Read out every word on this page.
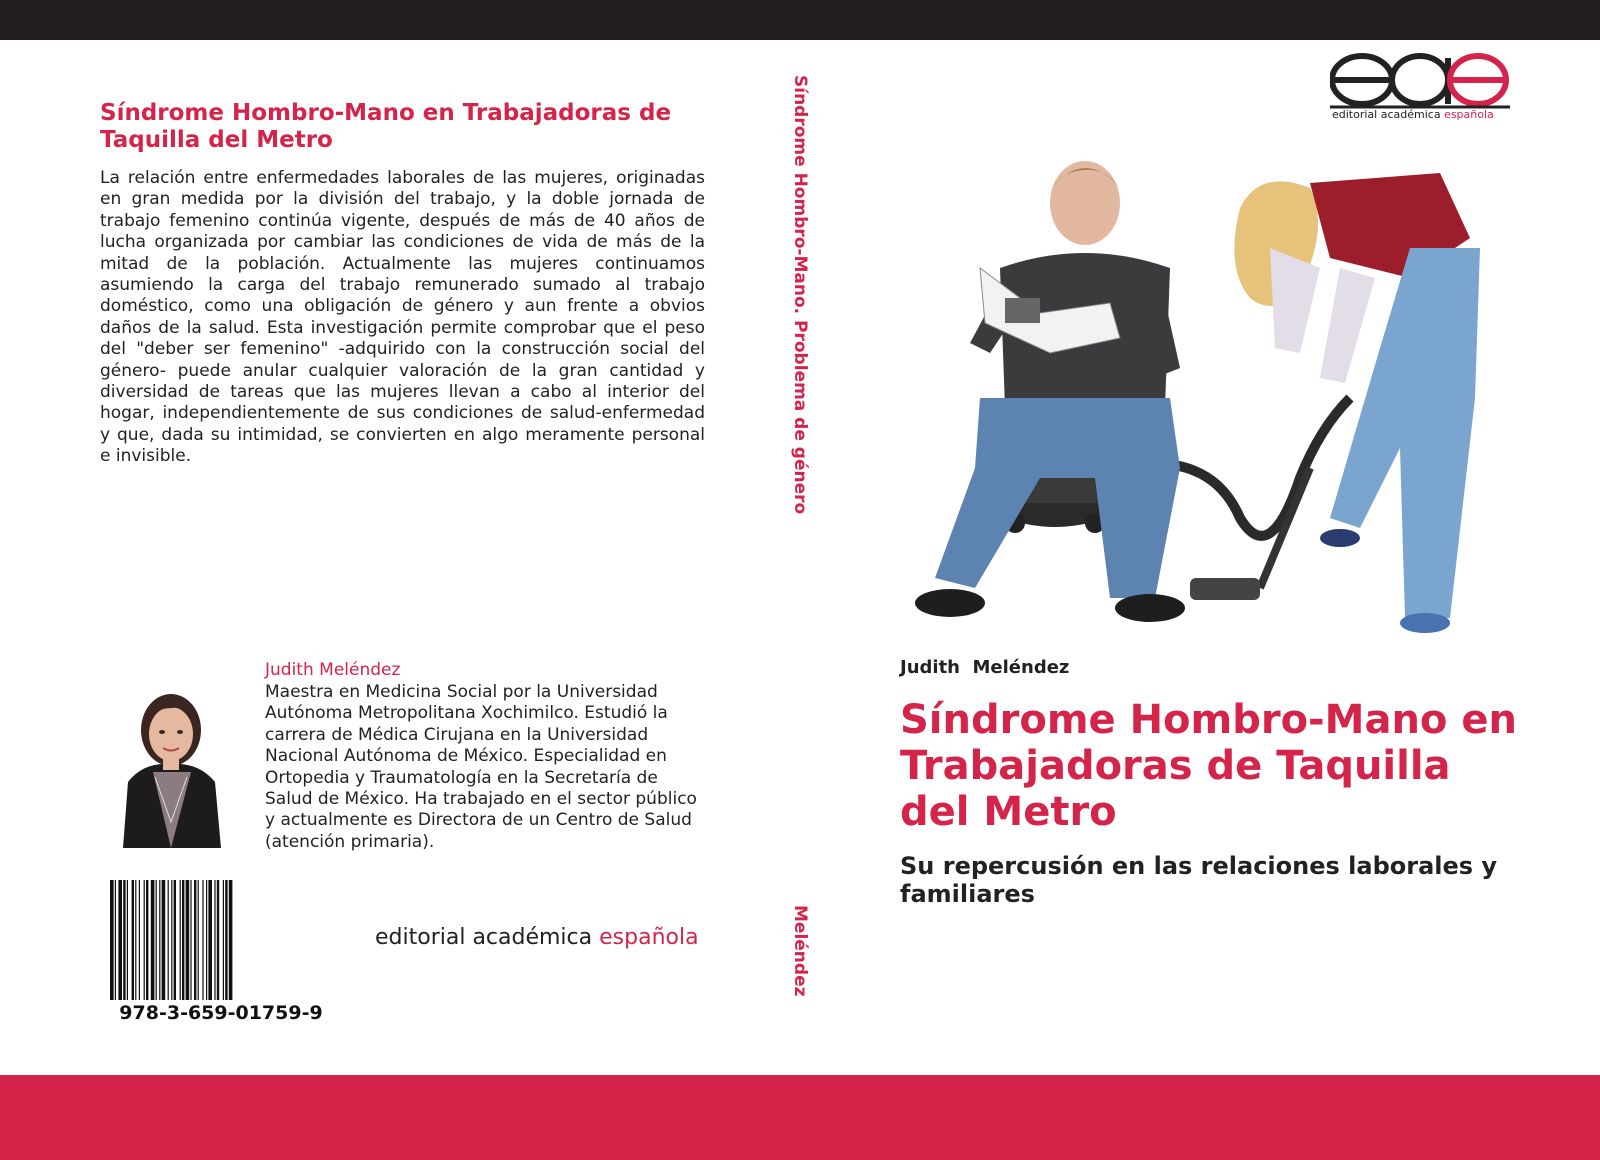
Síndrome Hombro-Mano en Trabajadoras de Taquilla del Metro

La relación entre enfermedades laborales de las mujeres, originadas en gran medida por la división del trabajo, y la doble jornada de trabajo femenino continúa vigente, después de más de 40 años de lucha organizada por cambiar las condiciones de vida de más de la mitad de la población. Actualmente las mujeres continuamos asumiendo la carga del trabajo remunerado sumado al trabajo doméstico, como una obligación de género y aun frente a obvios daños de la salud. Esta investigación permite comprobar que el peso del "deber ser femenino" -adquirido con la construcción social del género- puede anular cualquier valoración de la gran cantidad y diversidad de tareas que las mujeres llevan a cabo al interior del hogar, independientemente de sus condiciones de salud-enfermedad y que, dada su intimidad, se convierten en algo meramente personal e invisible.

Judith Meléndez

Maestra en Medicina Social por la Universidad Autónoma Metropolitana Xochimilco. Estudió la carrera de Médica Cirujana en la Universidad Nacional Autónoma de México. Especialidad en Ortopedia y Traumatología en la Secretaría de Salud de México. Ha trabajado en el sector público y actualmente es Directora de un Centro de Salud (atención primaria).

978-3-659-01759-9
editorial académica española
Síndrome Hombro-Mano. Problema de género
Meléndez
editorial académica española
Judith  Meléndez
Síndrome Hombro-Mano en Trabajadoras de Taquilla del Metro
Su repercusión en las relaciones laborales y familiares
